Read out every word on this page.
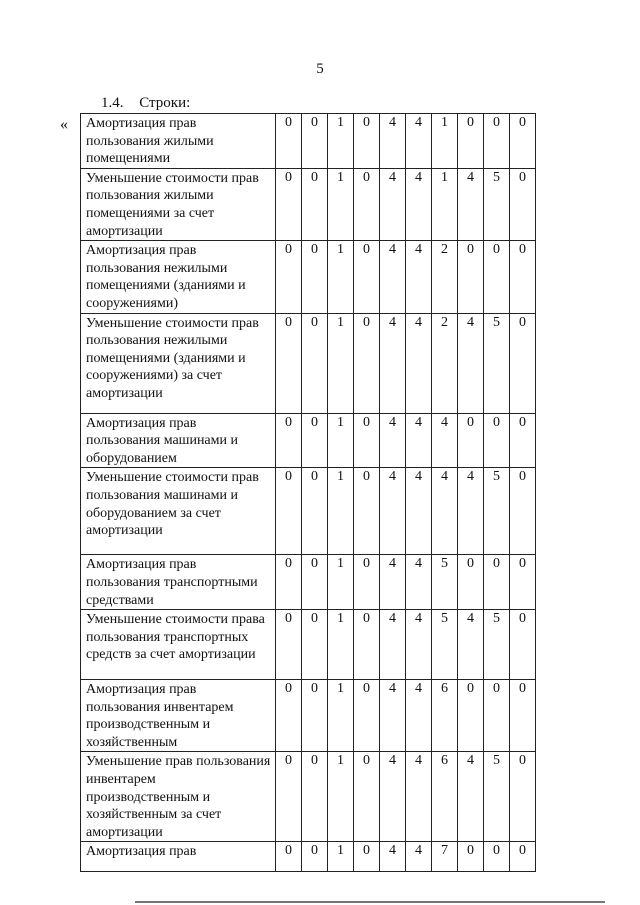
5
1.4. Строки:
« Амортизация прав пользования жилыми помещениями	0	0	1	0	4	4	1	0	0	0
Уменьшение стоимости прав пользования жилыми помещениями за счет амортизации	0	0	1	0	4	4	1	4	5	0
Амортизация прав пользования нежилыми помещениями (зданиями и сооружениями)	0	0	1	0	4	4	2	0	0	0
Уменьшение стоимости прав пользования нежилыми помещениями (зданиями и сооружениями) за счет амортизации	0	0	1	0	4	4	2	4	5	0
Амортизация прав пользования машинами и оборудованием	0	0	1	0	4	4	4	0	0	0
Уменьшение стоимости прав пользования машинами и оборудованием за счет амортизации	0	0	1	0	4	4	4	4	5	0
Амортизация прав пользования транспортными средствами	0	0	1	0	4	4	5	0	0	0
Уменьшение стоимости права пользования транспортных средств за счет амортизации	0	0	1	0	4	4	5	4	5	0
Амортизация прав пользования инвентарем производственным и хозяйственным	0	0	1	0	4	4	6	0	0	0
Уменьшение прав пользования инвентарем производственным и хозяйственным за счет амортизации	0	0	1	0	4	4	6	4	5	0
Амортизация прав	0	0	1	0	4	4	7	0	0	0
